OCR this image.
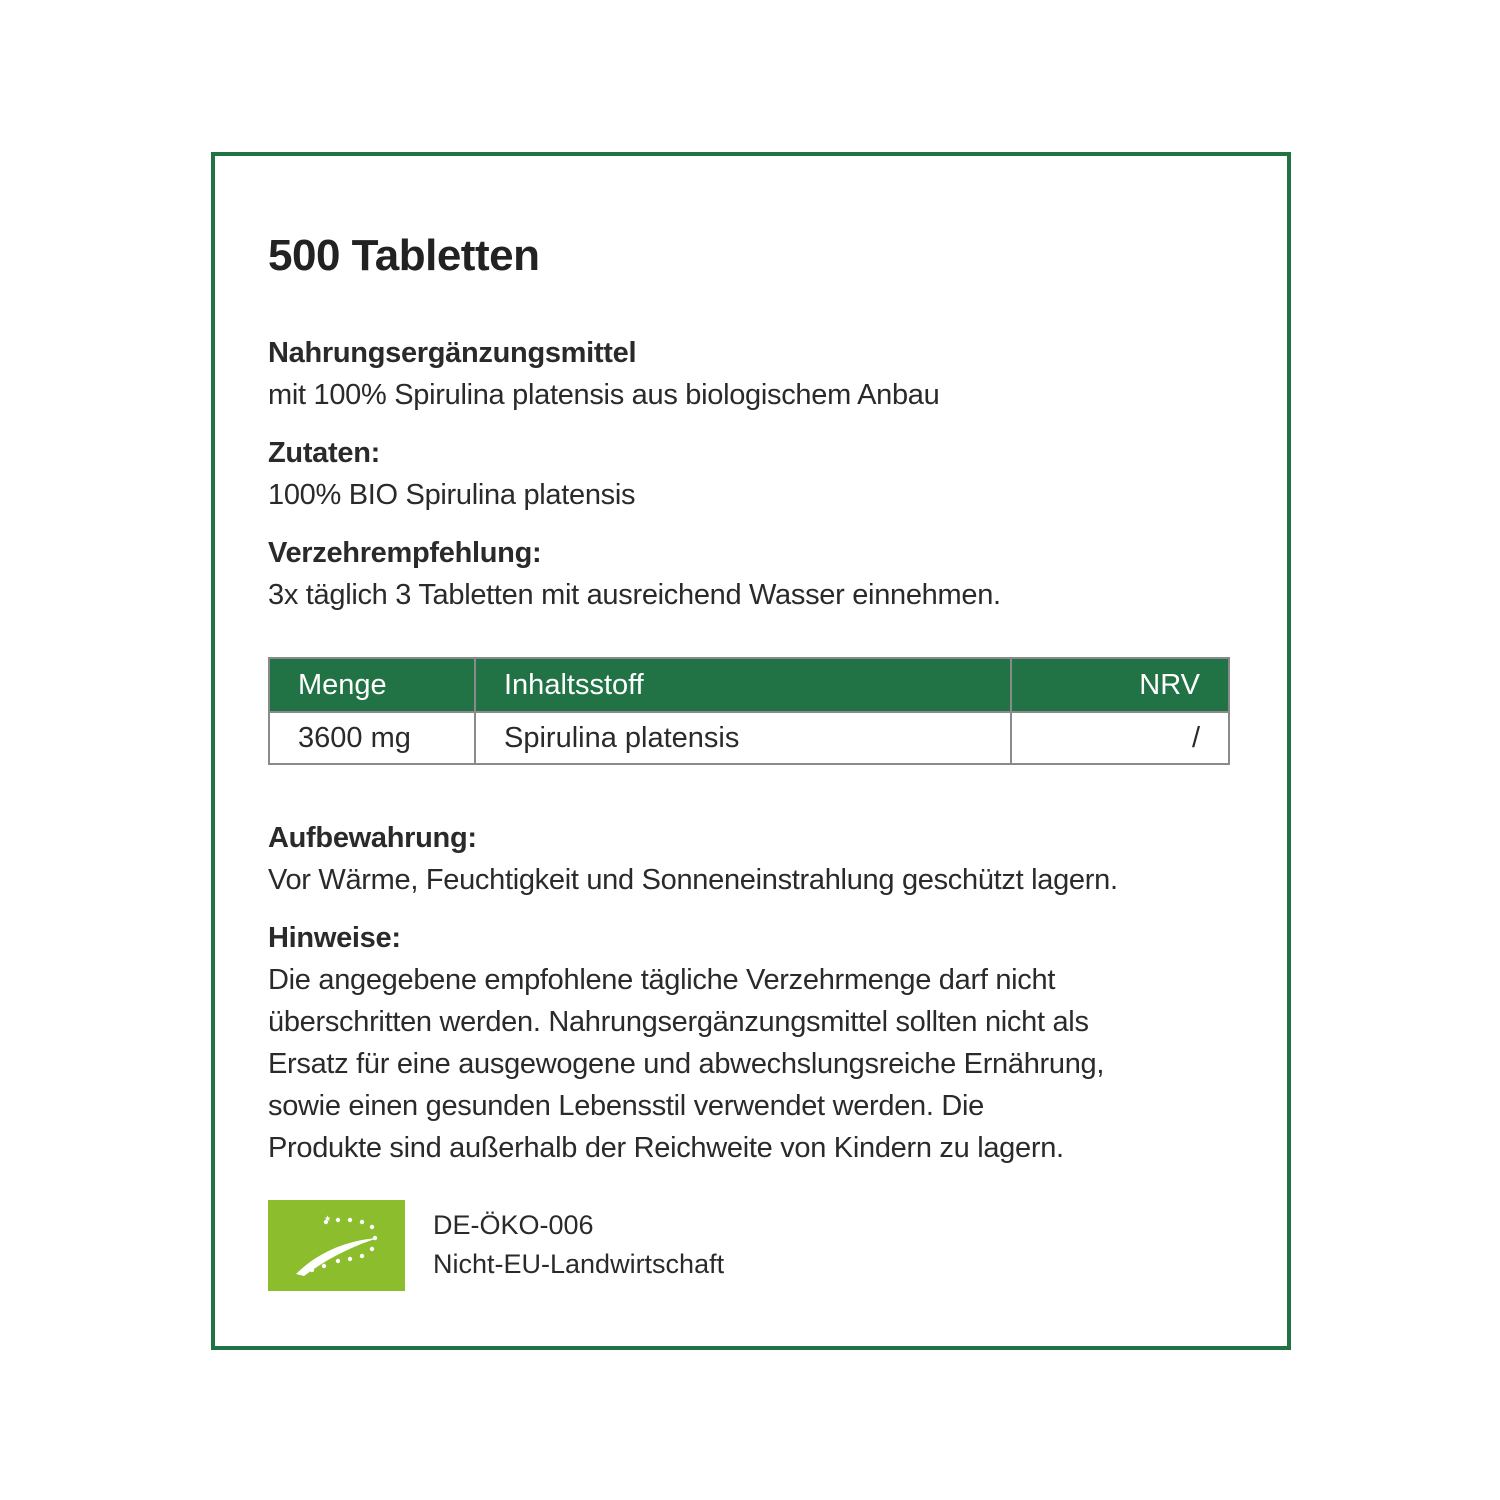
500 Tabletten
Nahrungsergänzungsmittel
mit 100% Spirulina platensis aus biologischem Anbau
Zutaten:
100% BIO Spirulina platensis
Verzehrempfehlung:
3x täglich 3 Tabletten mit ausreichend Wasser einnehmen.
Menge	Inhaltsstoff	NRV
3600 mg	Spirulina platensis	/
Aufbewahrung:
Vor Wärme, Feuchtigkeit und Sonneneinstrahlung geschützt lagern.
Hinweise:
Die angegebene empfohlene tägliche Verzehrmenge darf nicht
überschritten werden. Nahrungsergänzungsmittel sollten nicht als
Ersatz für eine ausgewogene und abwechslungsreiche Ernährung,
sowie einen gesunden Lebensstil verwendet werden. Die
Produkte sind außerhalb der Reichweite von Kindern zu lagern.
DE-ÖKO-006
Nicht-EU-Landwirtschaft
